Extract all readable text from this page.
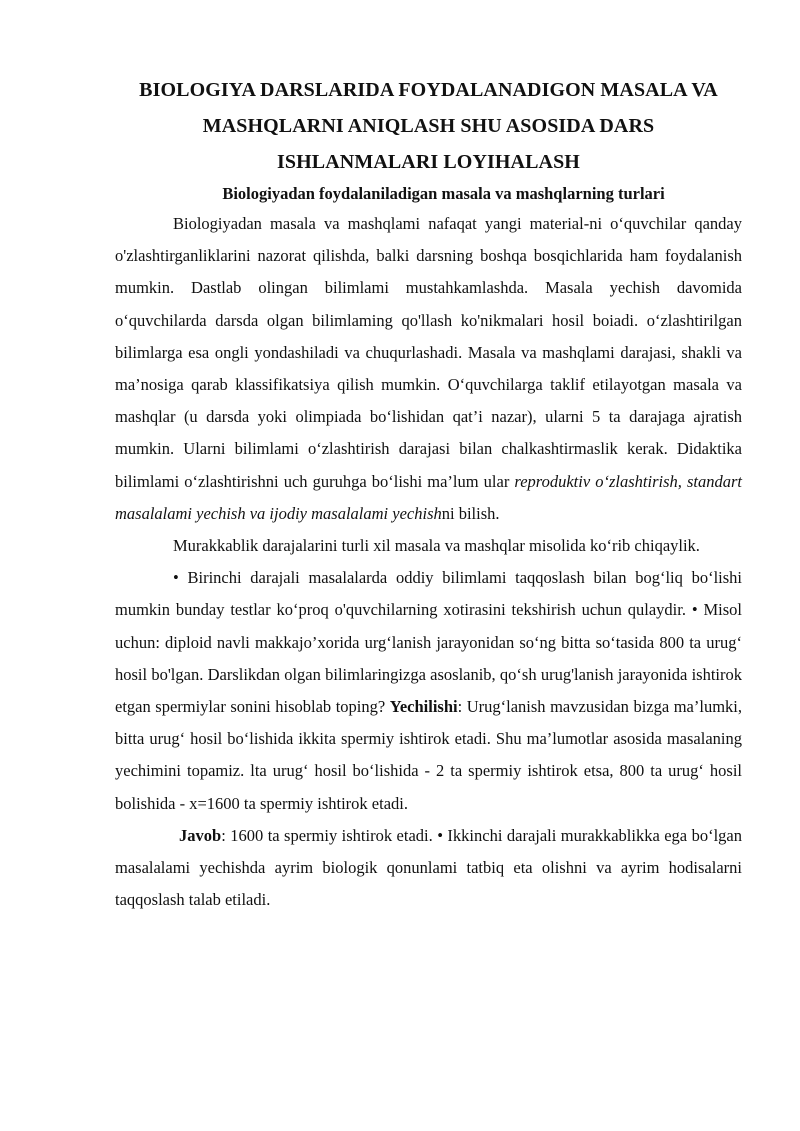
BIOLOGIYA DARSLARIDA FOYDALANADIGON MASALA VA
MASHQLARNI ANIQLASH SHU ASOSIDA DARS
ISHLANMALARI LOYIHALASH
Biologiyadan foydalaniladigan masala va mashqlarning turlari

Biologiyadan masala va mashqlami nafaqat yangi material-ni o‘quvchilar qanday o'zlashtirganliklarini nazorat qilishda, balki darsning boshqa bosqichlarida ham foydalanish mumkin. Dastlab olingan bilimlami mustahkamlashda. Masala yechish davomida o‘quvchilarda darsda olgan bilimlaming qo'llash ko'nikmalari hosil boiadi. o‘zlashtirilgan bilimlarga esa ongli yondashiladi va chuqurlashadi. Masala va mashqlami darajasi, shakli va ma’nosiga qarab klassifikatsiya qilish mumkin. O‘quvchilarga taklif etilayotgan masala va mashqlar (u darsda yoki olimpiada bo‘lishidan qat’i nazar), ularni 5 ta darajaga ajratish mumkin. Ularni bilimlami o‘zlashtirish darajasi bilan chalkashtirmaslik kerak. Didaktika bilimlami o‘zlashtirishni uch guruhga bo‘lishi ma’lum ular reproduktiv o‘zlashtirish, standart masalalami yechish va ijodiy masalalami yechishni bilish.

Murakkablik darajalarini turli xil masala va mashqlar misolida ko‘rib chiqaylik.

• Birinchi darajali masalalarda oddiy bilimlami taqqoslash bilan bog‘liq bo‘lishi mumkin bunday testlar ko‘proq o'quvchilarning xotirasini tekshirish uchun qulaydir. • Misol uchun: diploid navli makkajo’xorida urg‘lanish jarayonidan so‘ng bitta so‘tasida 800 ta urug‘ hosil bo'lgan. Darslikdan olgan bilimlaringizga asoslanib, qo‘sh urug'lanish jarayonida ishtirok etgan spermiylar sonini hisoblab toping? Yechilishi: Urug‘lanish mavzusidan bizga ma’lumki, bitta urug‘ hosil bo‘lishida ikkita spermiy ishtirok etadi. Shu ma’lumotlar asosida masalaning yechimini topamiz. lta urug‘ hosil bo‘lishida - 2 ta spermiy ishtirok etsa, 800 ta urug‘ hosil bolishida - x=1600 ta spermiy ishtirok etadi.

Javob: 1600 ta spermiy ishtirok etadi. • Ikkinchi darajali murakkablikka ega bo‘lgan masalalami yechishda ayrim biologik qonunlami tatbiq eta olishni va ayrim hodisalarni taqqoslash talab etiladi.
